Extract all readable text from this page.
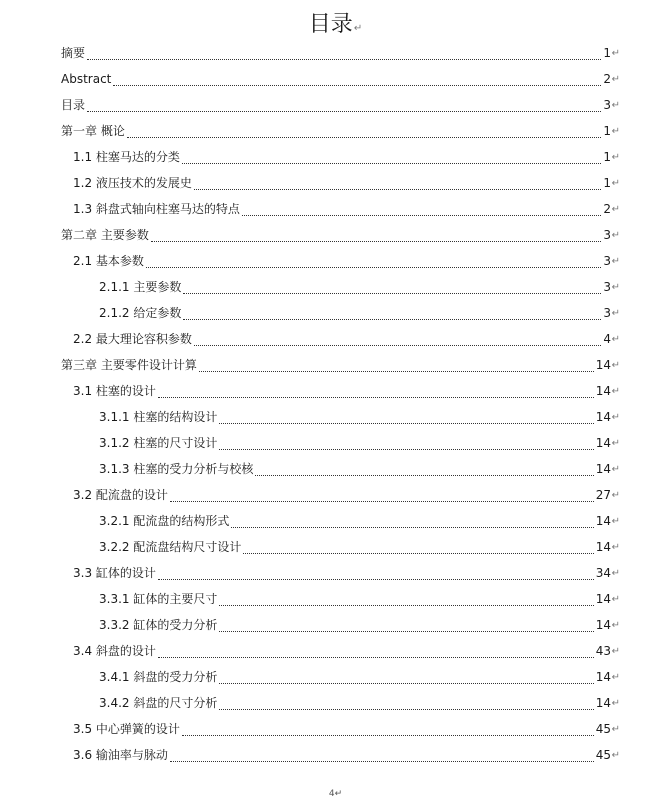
目录↵
摘要	1 ↵
Abstract	2 ↵
目录	3 ↵
第一章 概论	1 ↵
1.1 柱塞马达的分类	1 ↵
1.2 液压技术的发展史	1 ↵
1.3 斜盘式轴向柱塞马达的特点	2 ↵
第二章 主要参数	3 ↵
2.1 基本参数	3 ↵
2.1.1 主要参数	3 ↵
2.1.2 给定参数	3 ↵
2.2 最大理论容积参数	4 ↵
第三章 主要零件设计计算	14 ↵
3.1 柱塞的设计	14 ↵
3.1.1 柱塞的结构设计	14 ↵
3.1.2 柱塞的尺寸设计	14 ↵
3.1.3 柱塞的受力分析与校核	14 ↵
3.2 配流盘的设计	27 ↵
3.2.1 配流盘的结构形式	14 ↵
3.2.2 配流盘结构尺寸设计	14 ↵
3.3 缸体的设计	34 ↵
3.3.1 缸体的主要尺寸	14 ↵
3.3.2 缸体的受力分析	14 ↵
3.4 斜盘的设计	43 ↵
3.4.1 斜盘的受力分析	14 ↵
3.4.2 斜盘的尺寸分析	14 ↵
3.5 中心弹簧的设计	45 ↵
3.6 输油率与脉动	45 ↵
4↵
